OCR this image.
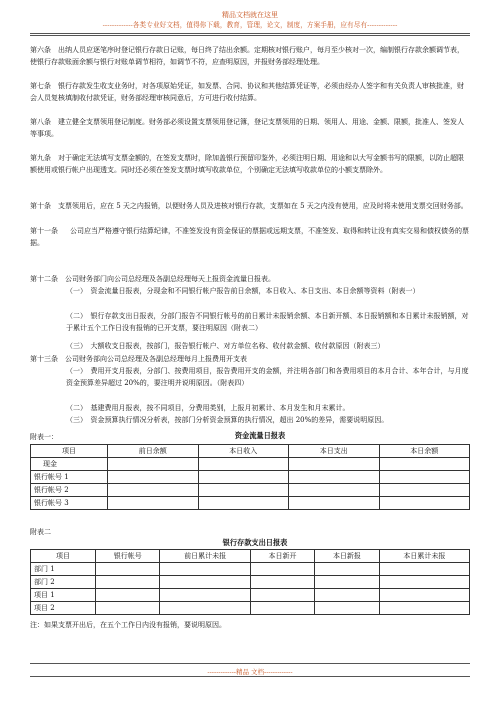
精品文档就在这里
-------------各类专业好文档，值得你下载，教育，管理，论文，制度，方案手册，应有尽有-------------

第六条 出纳人员应逐笔序时登记银行存款日记账，每日终了结出余额。定期核对银行账户，每月至少核对一次，编制银行存款余额调节表，使银行存款账面余额与银行对账单调节相符，如调节不符，应查明原因，并报财务部经理处理。

第七条 银行存款发生收支业务时，对各项原始凭证，如发票、合同、协议和其他结算凭证等，必须由经办人签字和有关负责人审核批准，财会人员复核填制收付款凭证，财务部经理审核同意后，方可进行收付结算。
第八条 建立健全支票领用登记制度。财务部必须设置支票领用登记簿，登记支票领用的日期、领用人、用途、金额、限额，批准人、签发人等事项。
第九条 对于确定无法填写支票金额的，在签发支票时，除加盖银行预留印鉴外，必须注明日期、用途和以大写金额书写的限额，以防止超限额使用或银行帐户出现透支。同时还必须在签发支票时填写收款单位，个别确定无法填写收款单位的小额支票除外。
第十条 支票领用后，应在 5 天之内报销，以便财务人员及进核对银行存款，支票如在 5 天之内没有使用，应及时将未使用支票交回财务部。
第十一条 公司应当严格遵守银行结算纪律，不准签发没有资金保证的票据或远期支票，不准签发、取得和转让没有真实交易和债权债务的票据。
第十二条　公司财务部门向公司总经理及各副总经理每天上报资金流量日报表。
（一）　 资金流量日报表，分现金和不同银行帐户报告前日余额，本日收入、本日支出、本日余额等资料（附表一）
（二）　 银行存款支出日报表，分部门报告不同银行帐号的前日累计未报销余额、本日新开额、本日报销额和本日累计未报销额，对于累计五个工作日没有报销的已开支票，要注明原因（附表二）
（三）　 大额收支日报表，按部门，报告银行帐户、对方单位名称、收付款金额、收付款原因（附表三）
第十三条　公司财务部向公司总经理及各副总经理每月上报费用开支表
（一）　 费用开支月报表，分部门、按费用项目，报告费用开支的金额，并注明各部门和各费用项目的本月合计、本年合计，与月度资金预算差异超过 20%的，要注明并说明原因。（附表四）
（二）　 基建费用月报表，按不同项目，分费用类别，上报月初累计、本月发生和月末累计。
（三）　 资金预算执行情况分析表，按部门分析资金预算的执行情况，超出 20%的差异，需要说明原因。
附表一：	资金流量日报表
项目	前日余额	本日收入	本日支出	本日余额
现金				
银行帐号 1				
银行帐号 2				
银行帐号 3				
附表二
银行存款支出日报表
项目	银行帐号	前日累计未报	本日新开	本日新报	本日累计未报
部门 1					
部门 2					
项目 1					
项目 2					
注：如果支票开出后，在五个工作日内没有报销，要说明原因。
-------------精品 文档-------------
